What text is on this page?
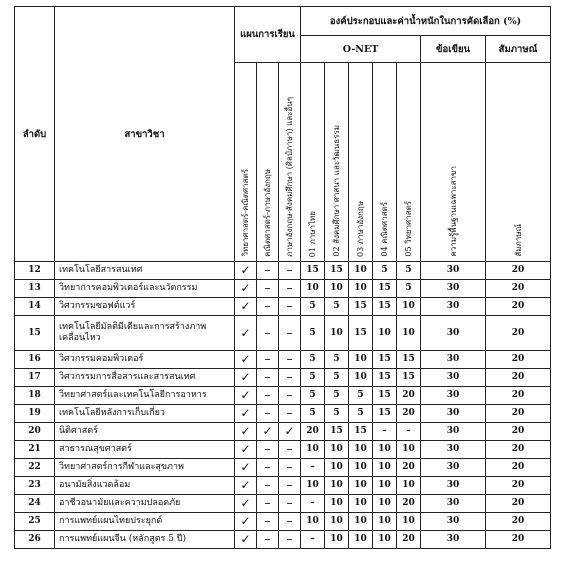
ลำดับ	สาขาวิชา	แผนการเรียน			องค์ประกอบและค่าน้ำหนักในการคัดเลือก (%)						
					O-NET					ข้อเขียน	สัมภาษณ์

		วิทยาศาสตร์-คณิตศาสตร์	คณิตศาสตร์-ภาษาอังกฤษ	ภาษาอังกฤษ-สังคมศึกษา (ศิลป์ภาษา) และอื่นๆ	01 ภาษาไทย	02 สังคมศึกษา ศาสนา และวัฒนธรรม	03 ภาษาอังกฤษ	04 คณิตศาสตร์	05 วิทยาศาสตร์	ความรู้พื้นฐานเฉพาะสาขา	สัมภาษณ์

12	เทคโนโลยีสารสนเทศ	✓	–	–	15	15	10	5	5	30	20
13	วิทยาการคอมพิวเตอร์และนวัตกรรม	✓	–	–	10	10	10	15	5	30	20
14	วิศวกรรมซอฟต์แวร์	✓	–	–	5	5	15	15	10	30	20
15	เทคโนโลยีมัลติมีเดียและการสร้างภาพเคลื่อนไหว	✓	–	–	5	10	15	10	10	30	20
16	วิศวกรรมคอมพิวเตอร์	✓	–	–	5	5	10	15	15	30	20
17	วิศวกรรมการสื่อสารและสารสนเทศ	✓	–	–	5	5	10	15	15	30	20
18	วิทยาศาสตร์และเทคโนโลยีการอาหาร	✓	–	–	5	5	5	15	20	30	20
19	เทคโนโลยีหลังการเก็บเกี่ยว	✓	–	–	5	5	5	15	20	30	20
20	นิติศาสตร์	✓	✓	✓	20	15	15	–	–	30	20
21	สาธารณสุขศาสตร์	✓	–	–	10	10	10	10	10	30	20
22	วิทยาศาสตร์การกีฬาและสุขภาพ	✓	–	–	–	10	10	10	20	30	20
23	อนามัยสิ่งแวดล้อม	✓	–	–	10	10	10	10	10	30	20
24	อาชีวอนามัยและความปลอดภัย	✓	–	–	–	10	10	10	20	30	20
25	การแพทย์แผนไทยประยุกต์	✓	–	–	10	10	10	10	10	30	20
26	การแพทย์แผนจีน (หลักสูตร 5 ปี)	✓	–	–	–	10	10	10	20	30	20
